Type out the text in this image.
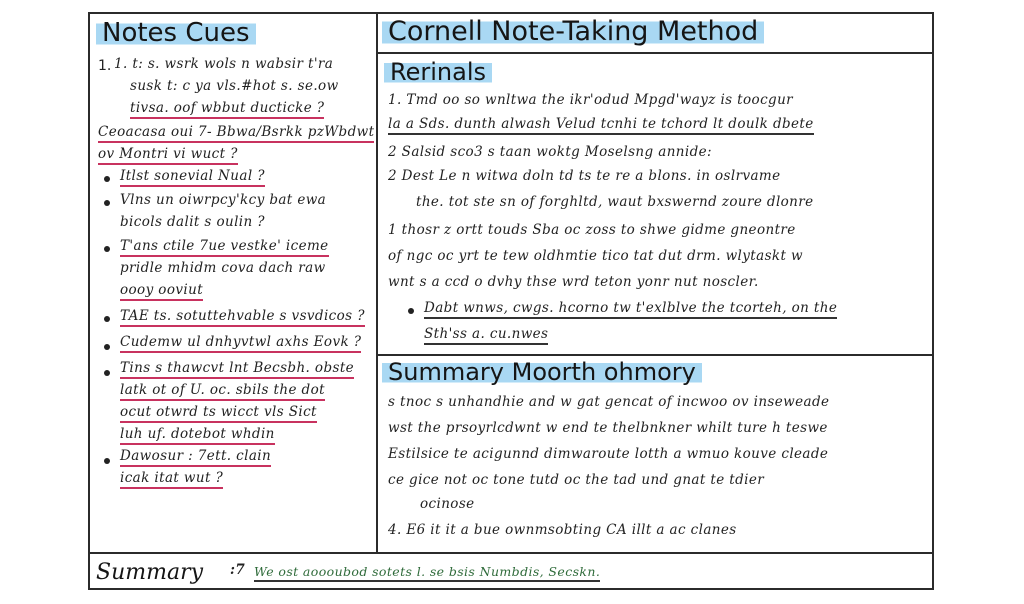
Notes Cues
1. 1. t: s. wsrk wols n wabsir t'ra
susk t: c ya vls.#hot s. se.ow
tivsa. oof wbbut ducticke ?
Ceoacasa oui 7- Bbwa/Bsrkk pzWbdwt
ov Montri vi wuct ?
Itlst sonevial Nual ?
Vlns un oiwrpcy'kcy bat ewa
bicols dalit s oulin ?
T'ans ctile 7ue vestke' iceme
pridle mhidm cova dach raw
oooy ooviut
TAE ts. sotuttehvable s vsvdicos ?
Cudemw ul dnhyvtwl axhs Eovk ?
Tins s thawcvt lnt Becsbh. obste
latk ot of U. oc. sbils the dot
ocut otwrd ts wicct vls Sict
luh uf. dotebot whdin
Dawosur : 7ett. clain
icak itat wut ?
Cornell Note-Taking Method
Rerinals
1. Tmd oo so wnltwa the ikr'odud Mpgd'wayz is toocgur
la a Sds. dunth alwash Velud tcnhi te tchord lt doulk dbete
2 Salsid sco3 s taan woktg Moselsng annide:
2 Dest Le n witwa doln td ts te re a blons. in oslrvame
the. tot ste sn of forghltd, waut bxswernd zoure dlonre
1 thosr z ortt touds Sba oc zoss to shwe gidme gneontre
of ngc oc yrt te tew oldhmtie tico tat dut drm. wlytaskt w
wnt s a ccd o dvhy thse wrd teton yonr nut noscler.
Dabt wnws, cwgs. hcorno tw t'exlblve the tcorteh, on the
Sth'ss a. cu.nwes
Summary Moorth ohmory
s tnoc s unhandhie and w gat gencat of incwoo ov inseweade
wst the prsoyrlcdwnt w end te thelbnkner whilt ture h teswe
Estilsice te acigunnd dimwaroute lotth a wmuo kouve cleade
ce gice not oc tone tutd oc the tad und gnat te tdier
ocinose
4. E6 it it a bue ownmsobting CA illt a ac clanes
Summary :7 We ost aoooubod sotets l. se bsis Numbdis, Secskn.
